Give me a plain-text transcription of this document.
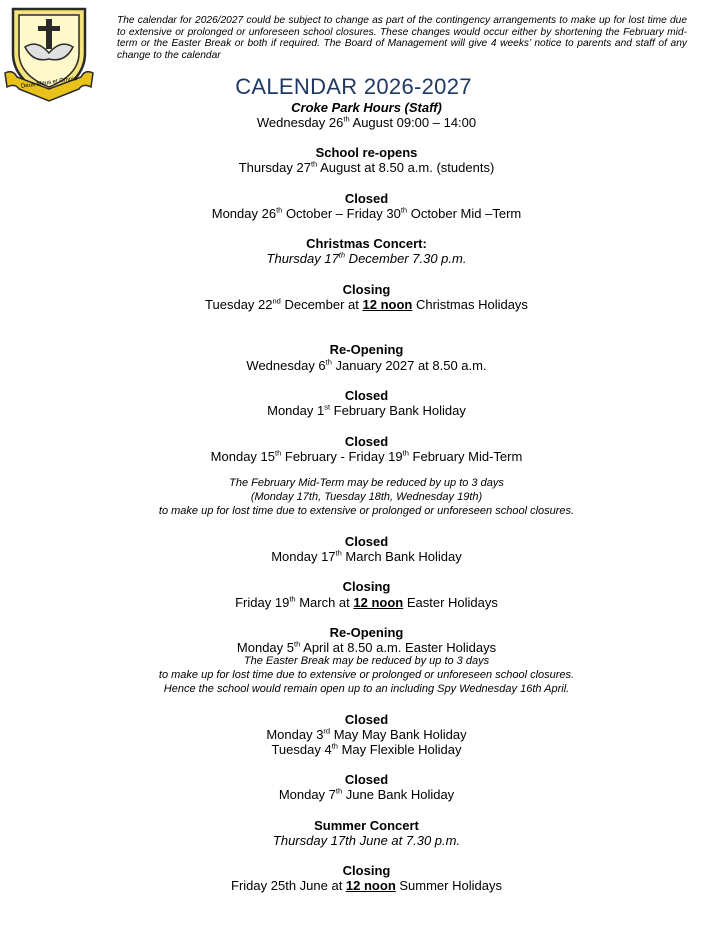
Deus Meus et Omnia
The calendar for 2026/2027 could be subject to change as part of the contingency arrangements to make up for lost time due to extensive or prolonged or unforeseen school closures. These changes would occur either by shortening the February mid-term or the Easter Break or both if required. The Board of Management will give 4 weeks’ notice to parents and staff of any change to the calendar
CALENDAR 2026-2027
Croke Park Hours (Staff)
Wednesday 26th August 09:00 – 14:00
School re-opens
Thursday 27th August at 8.50 a.m. (students)
Closed
Monday 26th October – Friday 30th October Mid –Term
Christmas Concert:
Thursday 17th December 7.30 p.m.
Closing
Tuesday 22nd December at 12 noon Christmas Holidays
Re-Opening
Wednesday 6th January 2027 at 8.50 a.m.
Closed
Monday 1st February Bank Holiday
Closed
Monday 15th February - Friday 19th February Mid-Term
The February Mid-Term may be reduced by up to 3 days
(Monday 17th, Tuesday 18th, Wednesday 19th)
to make up for lost time due to extensive or prolonged or unforeseen school closures.
Closed
Monday 17th March Bank Holiday
Closing
Friday 19th March at 12 noon Easter Holidays
Re-Opening
Monday 5th April at 8.50 a.m. Easter Holidays
The Easter Break may be reduced by up to 3 days
to make up for lost time due to extensive or prolonged or unforeseen school closures.
Hence the school would remain open up to an including Spy Wednesday 16th April.
Closed
Monday 3rd May May Bank Holiday
Tuesday 4th May Flexible Holiday
Closed
Monday 7th June Bank Holiday
Summer Concert
Thursday 17th June at 7.30 p.m.
Closing
Friday 25th June at 12 noon Summer Holidays
